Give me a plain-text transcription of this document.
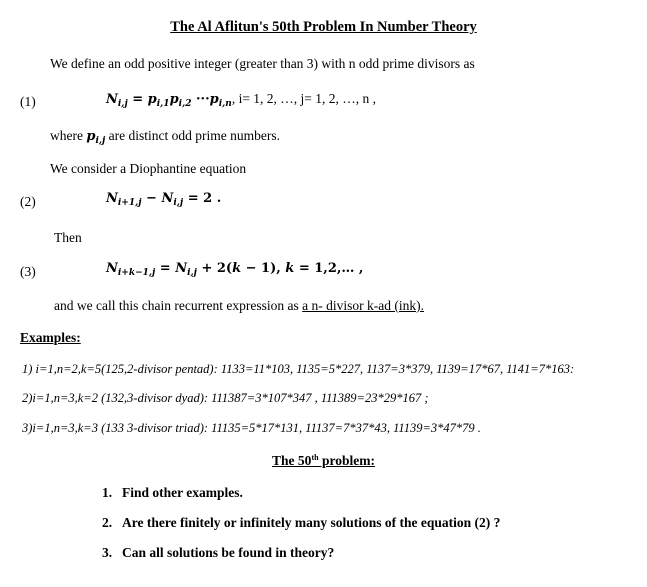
The Al Aflitun's 50th Problem In Number Theory
We define an odd positive integer (greater than 3) with n odd prime divisors as
(1)	$N_{i,j} = p_{i,1}p_{i,2} \cdot\cdot\cdot p_{i,n}$, i= 1, 2, …, j= 1, 2, …, n ,
where $p_{i,j}$ are distinct odd prime numbers.
We consider a Diophantine equation
(2)	$N_{i+1,j} - N_{i,j} = 2$ .
Then
(3)	$N_{i+k-1,j} = N_{i,j} + 2(k - 1)$, k = 1,2,… ,
and we call this chain recurrent expression as a n- divisor k-ad (ink).
Examples:
1) i=1,n=2,k=5(125,2-divisor pentad): 1133=11*103, 1135=5*227, 1137=3*379, 1139=17*67, 1141=7*163:
2)i=1,n=3,k=2 (132,3-divisor dyad): 111387=3*107*347 , 111389=23*29*167 ;
3)i=1,n=3,k=3 (133 3-divisor triad): 11135=5*17*131, 11137=7*37*43, 11139=3*47*79 .
The 50th problem:
1. Find other examples.
2. Are there finitely or infinitely many solutions of the equation (2) ?
3. Can all solutions be found in theory?
